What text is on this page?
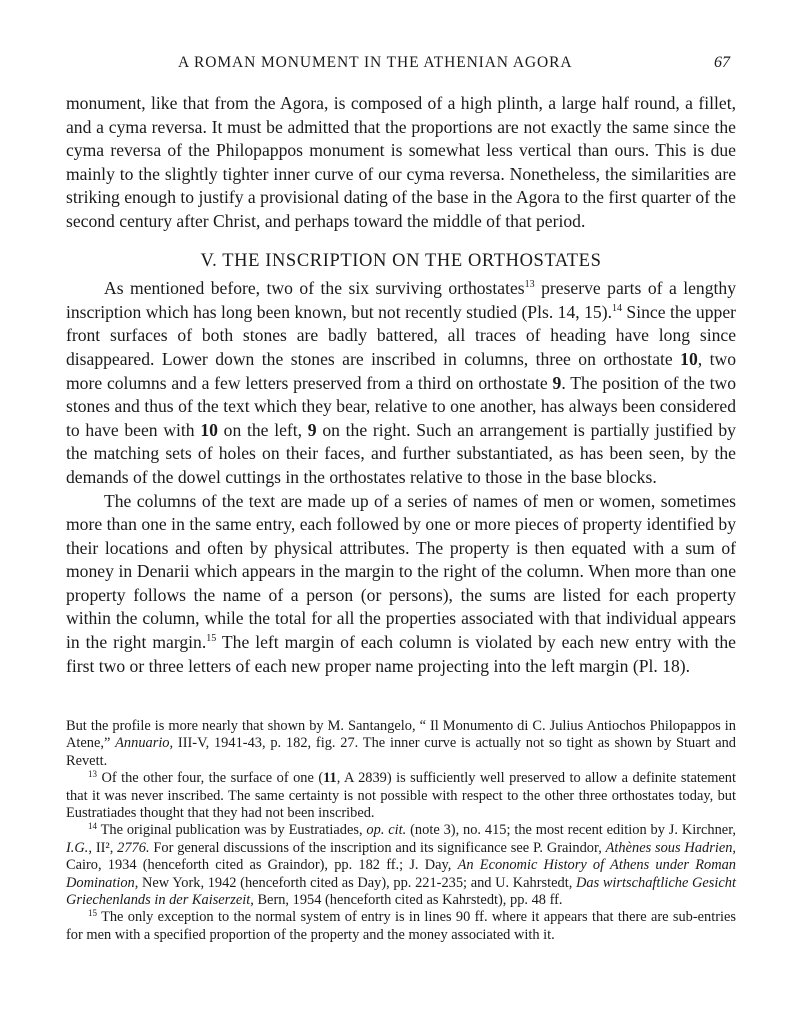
A ROMAN MONUMENT IN THE ATHENIAN AGORA	67

monument, like that from the Agora, is composed of a high plinth, a large half round, a fillet, and a cyma reversa. It must be admitted that the proportions are not exactly the same since the cyma reversa of the Philopappos monument is somewhat less vertical than ours. This is due mainly to the slightly tighter inner curve of our cyma reversa. Nonetheless, the similarities are striking enough to justify a provisional dating of the base in the Agora to the first quarter of the second century after Christ, and perhaps toward the middle of that period.

V. THE INSCRIPTION ON THE ORTHOSTATES

As mentioned before, two of the six surviving orthostates$^{13}$ preserve parts of a lengthy inscription which has long been known, but not recently studied (Pls. 14, 15).$^{14}$ Since the upper front surfaces of both stones are badly battered, all traces of heading have long since disappeared. Lower down the stones are inscribed in columns, three on orthostate 10, two more columns and a few letters preserved from a third on orthostate 9. The position of the two stones and thus of the text which they bear, relative to one another, has always been considered to have been with 10 on the left, 9 on the right. Such an arrangement is partially justified by the matching sets of holes on their faces, and further substantiated, as has been seen, by the demands of the dowel cuttings in the orthostates relative to those in the base blocks.

The columns of the text are made up of a series of names of men or women, sometimes more than one in the same entry, each followed by one or more pieces of property identified by their locations and often by physical attributes. The property is then equated with a sum of money in Denarii which appears in the margin to the right of the column. When more than one property follows the name of a person (or persons), the sums are listed for each property within the column, while the total for all the properties associated with that individual appears in the right margin.$^{15}$ The left margin of each column is violated by each new entry with the first two or three letters of each new proper name projecting into the left margin (Pl. 18).

But the profile is more nearly that shown by M. Santangelo, “ Il Monumento di C. Julius Antiochos Philopappos in Atene,” Annuario, III-V, 1941-43, p. 182, fig. 27. The inner curve is actually not so tight as shown by Stuart and Revett.

$^{13}$ Of the other four, the surface of one (11, A 2839) is sufficiently well preserved to allow a definite statement that it was never inscribed. The same certainty is not possible with respect to the other three orthostates today, but Eustratiades thought that they had not been inscribed.

$^{14}$ The original publication was by Eustratiades, op. cit. (note 3), no. 415; the most recent edition by J. Kirchner, I.G., II², 2776. For general discussions of the inscription and its significance see P. Graindor, Athènes sous Hadrien, Cairo, 1934 (henceforth cited as Graindor), pp. 182 ff.; J. Day, An Economic History of Athens under Roman Domination, New York, 1942 (henceforth cited as Day), pp. 221-235; and U. Kahrstedt, Das wirtschaftliche Gesicht Griechenlands in der Kaiserzeit, Bern, 1954 (henceforth cited as Kahrstedt), pp. 48 ff.

$^{15}$ The only exception to the normal system of entry is in lines 90 ff. where it appears that there are sub-entries for men with a specified proportion of the property and the money associated with it.
